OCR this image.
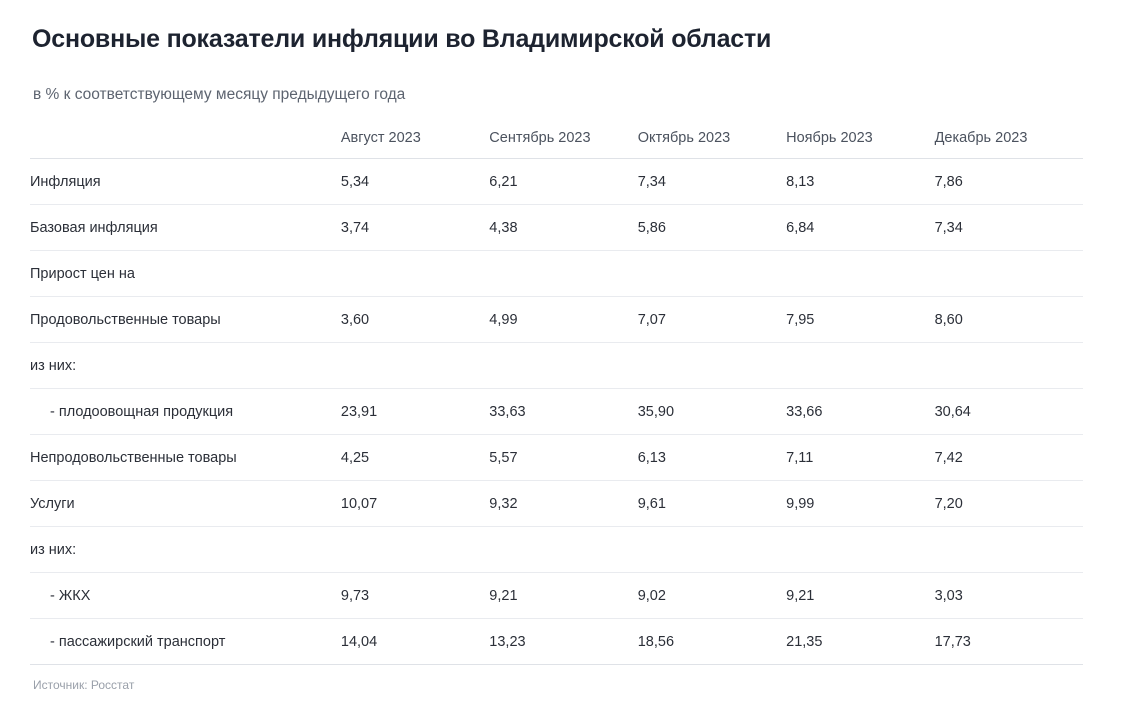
Основные показатели инфляции во Владимирской области
в % к соответствующему месяцу предыдущего года
	Август 2023	Сентябрь 2023	Октябрь 2023	Ноябрь 2023	Декабрь 2023
Инфляция	5,34	6,21	7,34	8,13	7,86
Базовая инфляция	3,74	4,38	5,86	6,84	7,34
Прирост цен на					
Продовольственные товары	3,60	4,99	7,07	7,95	8,60
из них:					
- плодоовощная продукция	23,91	33,63	35,90	33,66	30,64
Непродовольственные товары	4,25	5,57	6,13	7,11	7,42
Услуги	10,07	9,32	9,61	9,99	7,20
из них:					
- ЖКХ	9,73	9,21	9,02	9,21	3,03
- пассажирский транспорт	14,04	13,23	18,56	21,35	17,73
Источник: Росстат
